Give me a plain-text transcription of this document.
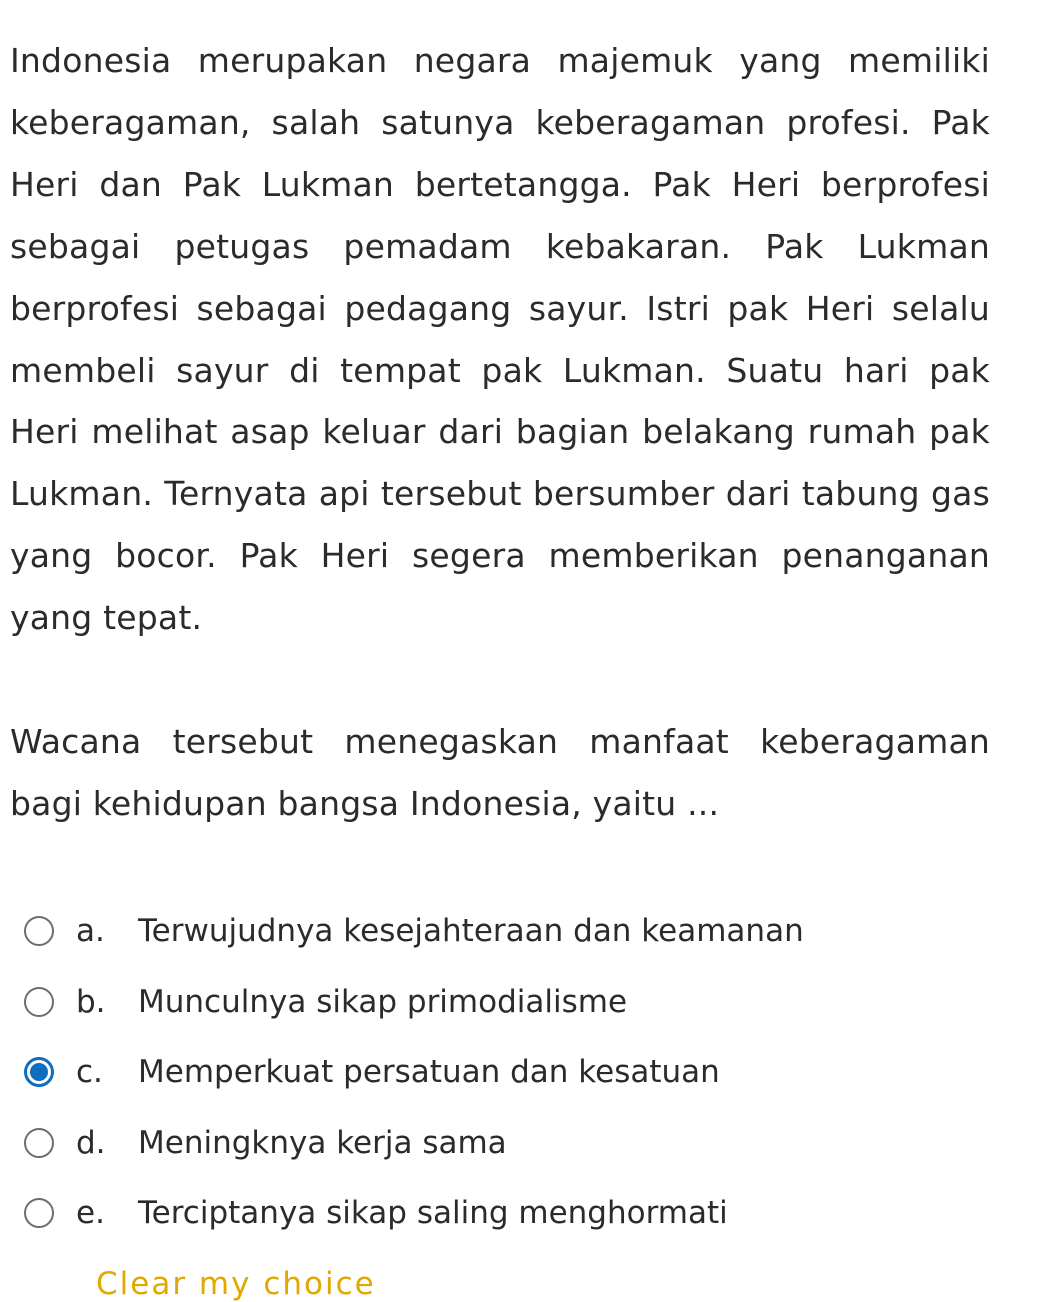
Indonesia merupakan negara majemuk yang memiliki keberagaman, salah satunya keberagaman profesi. Pak Heri dan Pak Lukman bertetangga. Pak Heri berprofesi sebagai petugas pemadam kebakaran. Pak Lukman berprofesi sebagai pedagang sayur. Istri pak Heri selalu membeli sayur di tempat pak Lukman. Suatu hari pak Heri melihat asap keluar dari bagian belakang rumah pak Lukman. Ternyata api tersebut bersumber dari tabung gas yang bocor. Pak Heri segera memberikan penanganan yang tepat.

Wacana tersebut menegaskan manfaat keberagaman bagi kehidupan bangsa Indonesia, yaitu ...

a.	Terwujudnya kesejahteraan dan keamanan
b.	Munculnya sikap primodialisme
c.	Memperkuat persatuan dan kesatuan
d.	Meningknya kerja sama
e.	Terciptanya sikap saling menghormati
Clear my choice
